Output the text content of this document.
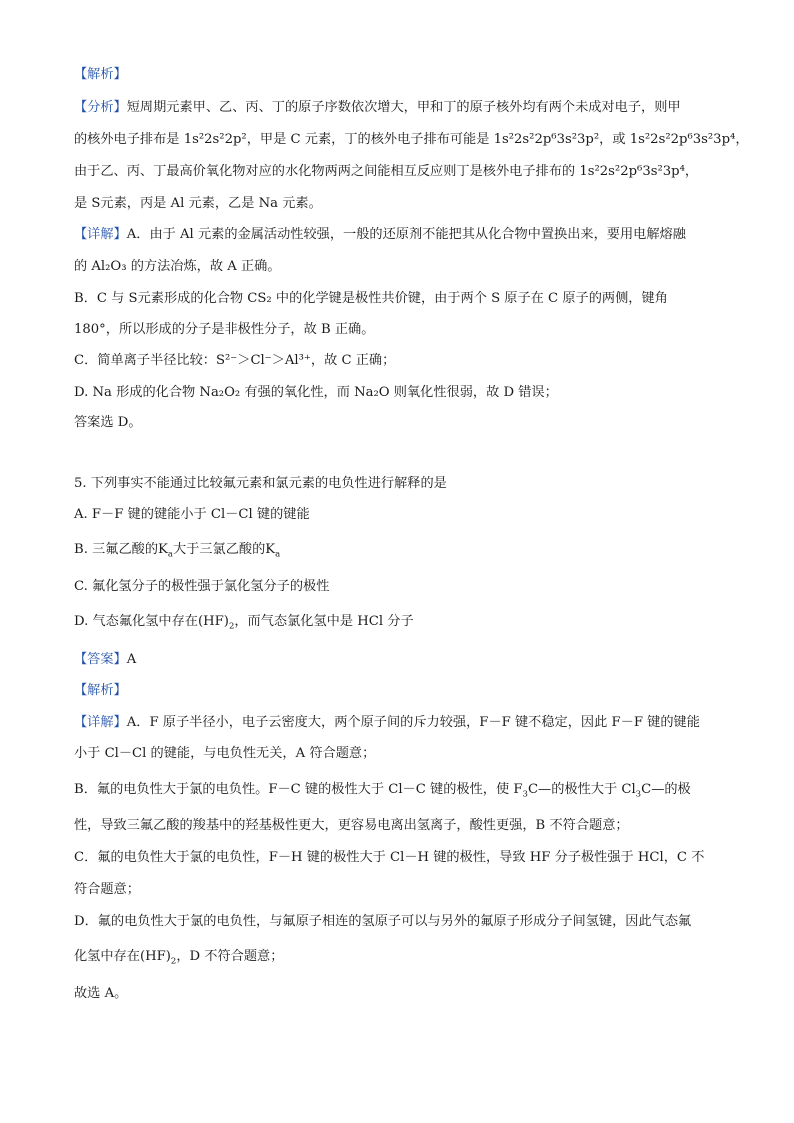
【解析】
【分析】短周期元素甲、乙、丙、丁的原子序数依次增大，甲和丁的原子核外均有两个未成对电子，则甲
的核外电子排布是 1s²2s²2p²，甲是 C 元素，丁的核外电子排布可能是 1s²2s²2p⁶3s²3p²，或 1s²2s²2p⁶3s²3p⁴，
由于乙、丙、丁最高价氧化物对应的水化物两两之间能相互反应则丁是核外电子排布的 1s²2s²2p⁶3s²3p⁴，
是 S元素，丙是 Al 元素，乙是 Na 元素。
【详解】A．由于 Al 元素的金属活动性较强，一般的还原剂不能把其从化合物中置换出来，要用电解熔融
的 Al₂O₃ 的方法冶炼，故 A 正确。
B．C 与 S元素形成的化合物 CS₂ 中的化学键是极性共价键，由于两个 S 原子在 C 原子的两侧，键角
180°，所以形成的分子是非极性分子，故 B 正确。
C．简单离子半径比较：S²⁻＞Cl⁻＞Al³⁺，故 C 正确；
D. Na 形成的化合物 Na₂O₂ 有强的氧化性，而 Na₂O 则氧化性很弱，故 D 错误；
答案选 D。
5. 下列事实不能通过比较氟元素和氯元素的电负性进行解释的是
A. F－F 键的键能小于 Cl－Cl 键的键能
B. 三氟乙酸的$K_a$大于三氯乙酸的$K_a$
C. 氟化氢分子的极性强于氯化氢分子的极性
D. 气态氟化氢中存在$(HF)_2$，而气态氯化氢中是 HCl 分子
【答案】A
【解析】
【详解】A．F 原子半径小，电子云密度大，两个原子间的斥力较强，F－F 键不稳定，因此 F－F 键的键能
小于 Cl－Cl 的键能，与电负性无关，A 符合题意；
B．氟的电负性大于氯的电负性。F－C 键的极性大于 Cl－C 键的极性，使 $F_3C—$的极性大于 $Cl_3C—$的极
性，导致三氟乙酸的羧基中的羟基极性更大，更容易电离出氢离子，酸性更强，B 不符合题意；
C．氟的电负性大于氯的电负性，F－H 键的极性大于 Cl－H 键的极性，导致 HF 分子极性强于 HCl，C 不
符合题意；
D．氟的电负性大于氯的电负性，与氟原子相连的氢原子可以与另外的氟原子形成分子间氢键，因此气态氟
化氢中存在$(HF)_2$，D 不符合题意；
故选 A。
